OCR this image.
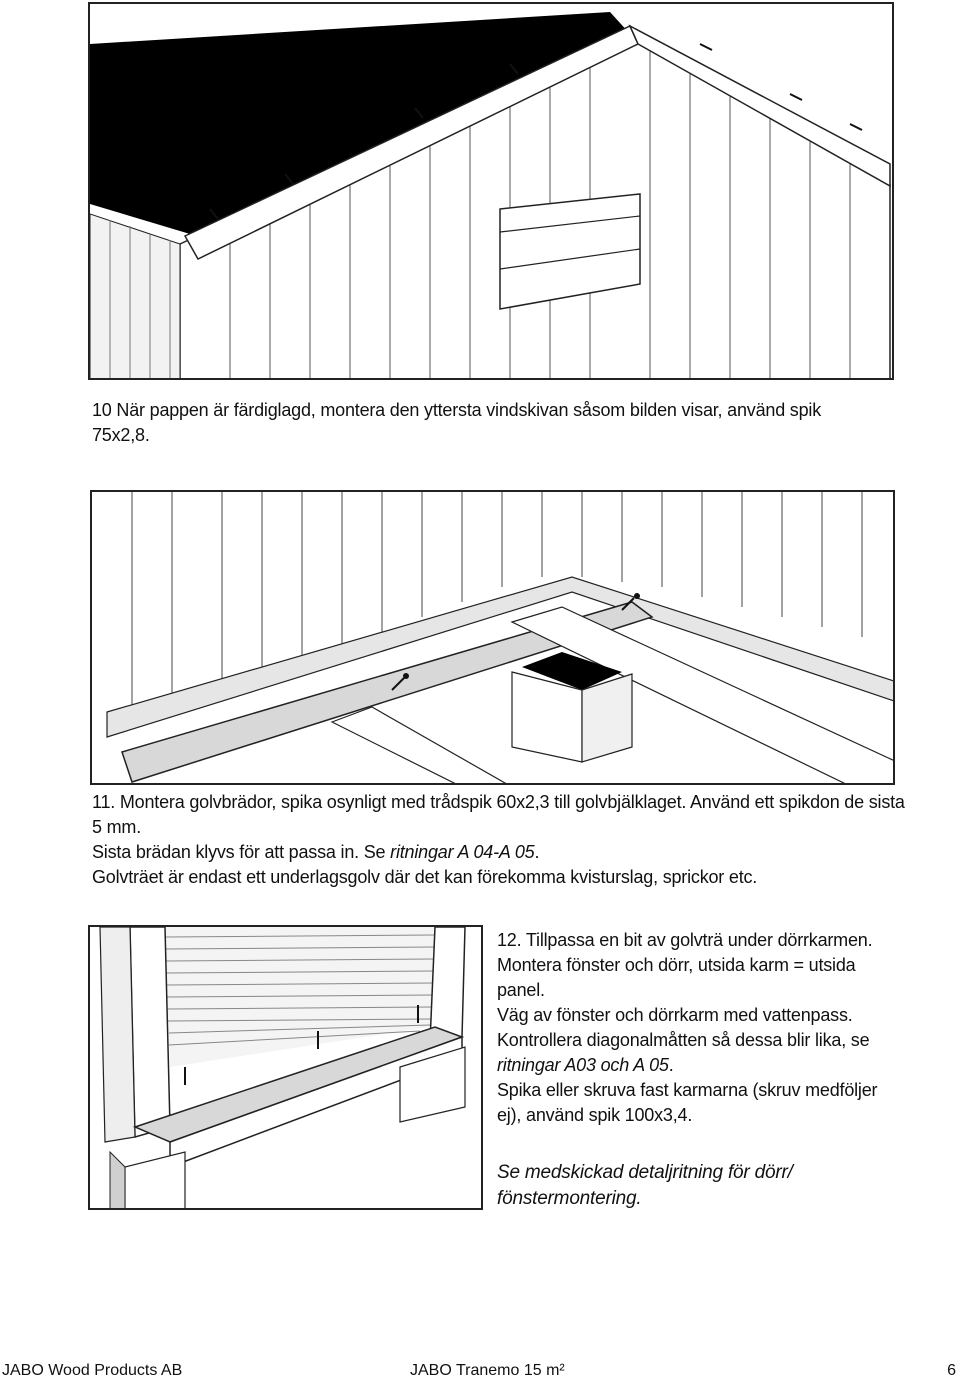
10 När pappen är färdiglagd, montera den yttersta vindskivan såsom bilden visar, använd spik 75x2,8.

11. Montera golvbrädor, spika osynligt med trådspik 60x2,3 till golvbjälklaget. Använd ett spikdon de sista 5 mm.

Sista brädan klyvs för att passa in. Se ritningar A 04-A 05.

Golvträet är endast ett underlagsgolv där det kan förekomma kvisturslag, sprickor etc.

12. Tillpassa en bit av golvträ under dörrkarmen.

Montera fönster och dörr, utsida karm = utsida panel.

Väg av fönster och dörrkarm med vattenpass.

Kontrollera diagonalmåtten så dessa blir lika, se

ritningar A03 och A 05.

Spika eller skruva fast karmarna (skruv medföljer ej), använd spik 100x3,4.

Se medskickad detaljritning för dörr/ fönstermontering.
JABO Wood Products AB	JABO Tranemo 15 m²	6
